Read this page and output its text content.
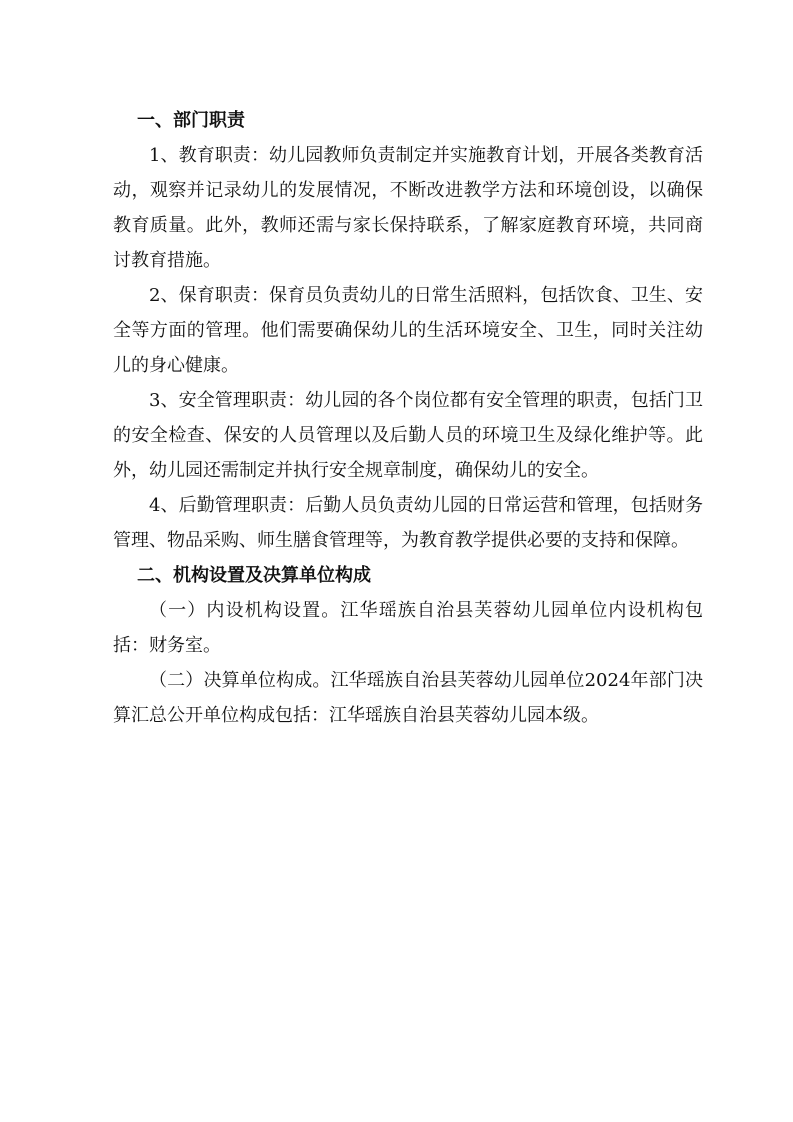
一、部门职责

1、教育职责：幼儿园教师负责制定并实施教育计划，开展各类教育活动，观察并记录幼儿的发展情况，不断改进教学方法和环境创设，以确保教育质量。此外，教师还需与家长保持联系，了解家庭教育环境，共同商讨教育措施。

2、保育职责：保育员负责幼儿的日常生活照料，包括饮食、卫生、安全等方面的管理。他们需要确保幼儿的生活环境安全、卫生，同时关注幼儿的身心健康。

3、安全管理职责：幼儿园的各个岗位都有安全管理的职责，包括门卫的安全检查、保安的人员管理以及后勤人员的环境卫生及绿化维护等。此外，幼儿园还需制定并执行安全规章制度，确保幼儿的安全。

4、后勤管理职责：后勤人员负责幼儿园的日常运营和管理，包括财务管理、物品采购、师生膳食管理等，为教育教学提供必要的支持和保障。

二、机构设置及决算单位构成

（一）内设机构设置。江华瑶族自治县芙蓉幼儿园单位内设机构包括：财务室。

（二）决算单位构成。江华瑶族自治县芙蓉幼儿园单位2024年部门决算汇总公开单位构成包括：江华瑶族自治县芙蓉幼儿园本级。
